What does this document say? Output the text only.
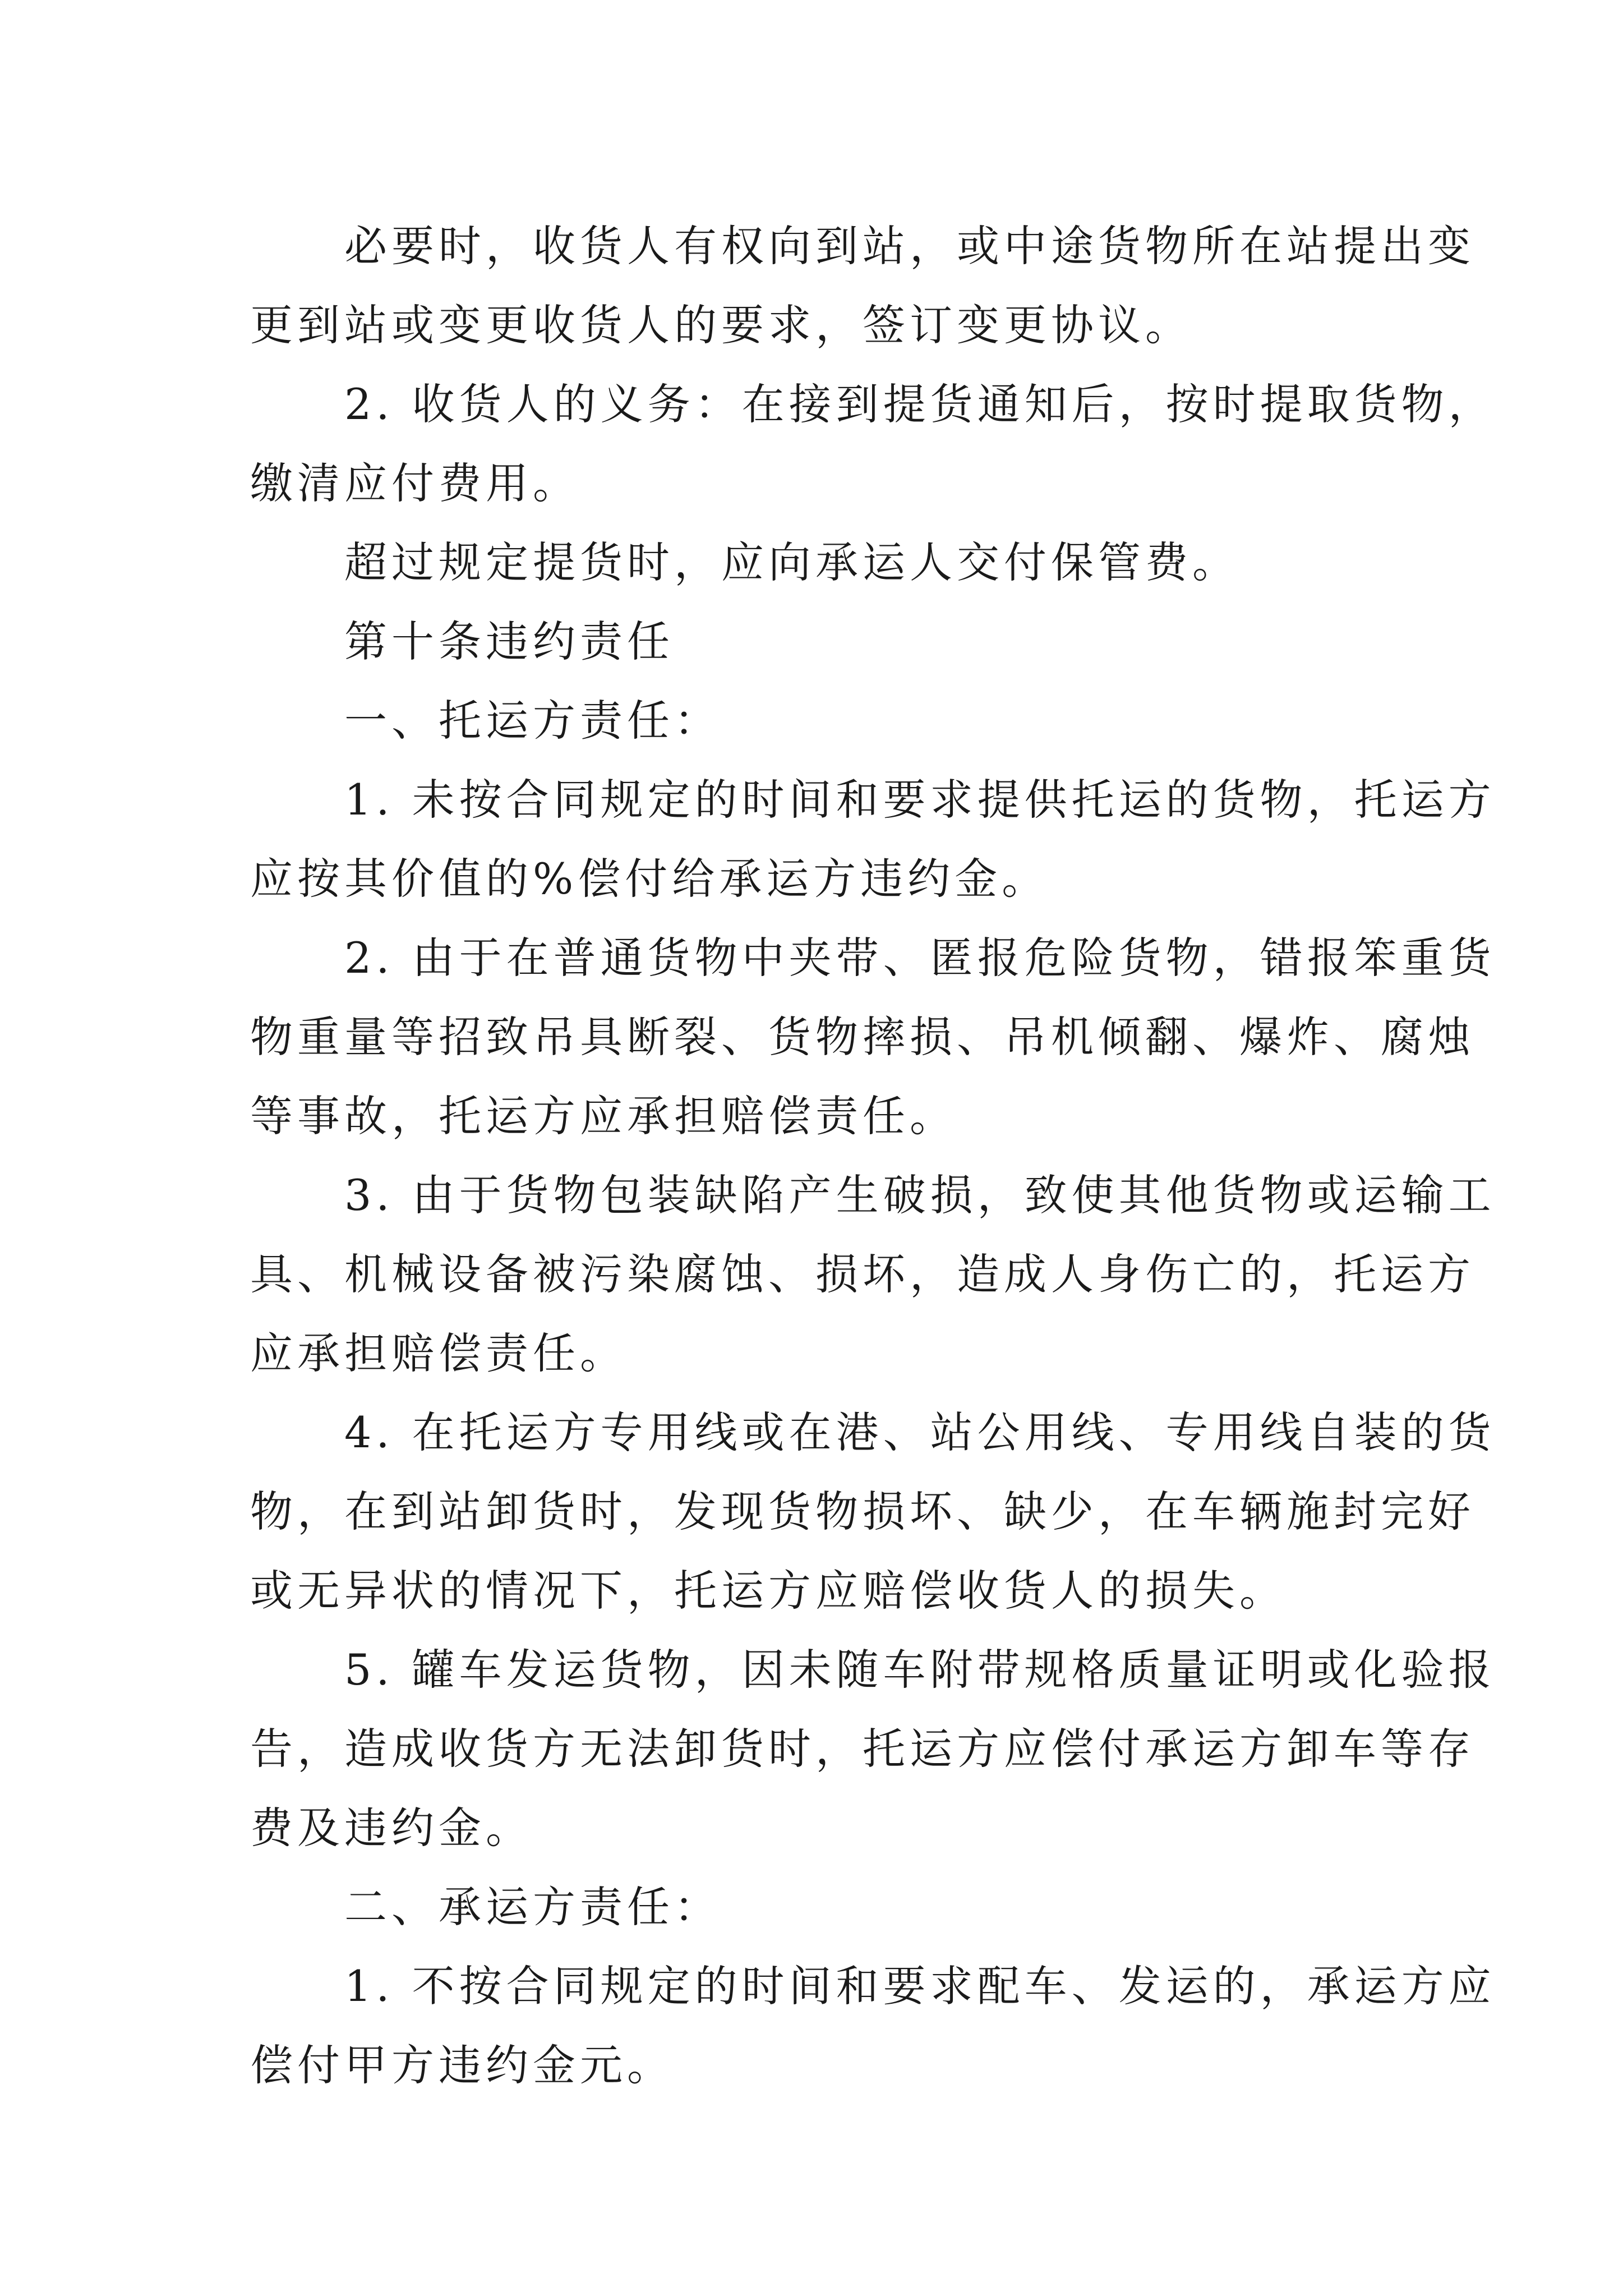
必要时，收货人有权向到站，或中途货物所在站提出变
更到站或变更收货人的要求，签订变更协议。
2. 收货人的义务：在接到提货通知后，按时提取货物，
缴清应付费用。
超过规定提货时，应向承运人交付保管费。
第十条违约责任
一、托运方责任：
1. 未按合同规定的时间和要求提供托运的货物，托运方
应按其价值的%偿付给承运方违约金。
2. 由于在普通货物中夹带、匿报危险货物，错报笨重货
物重量等招致吊具断裂、货物摔损、吊机倾翻、爆炸、腐烛
等事故，托运方应承担赔偿责任。
3. 由于货物包装缺陷产生破损，致使其他货物或运输工
具、机械设备被污染腐蚀、损坏，造成人身伤亡的，托运方
应承担赔偿责任。
4. 在托运方专用线或在港、站公用线、专用线自装的货
物，在到站卸货时，发现货物损坏、缺少，在车辆施封完好
或无异状的情况下，托运方应赔偿收货人的损失。
5. 罐车发运货物，因未随车附带规格质量证明或化验报
告，造成收货方无法卸货时，托运方应偿付承运方卸车等存
费及违约金。
二、承运方责任：
1. 不按合同规定的时间和要求配车、发运的，承运方应
偿付甲方违约金元。
